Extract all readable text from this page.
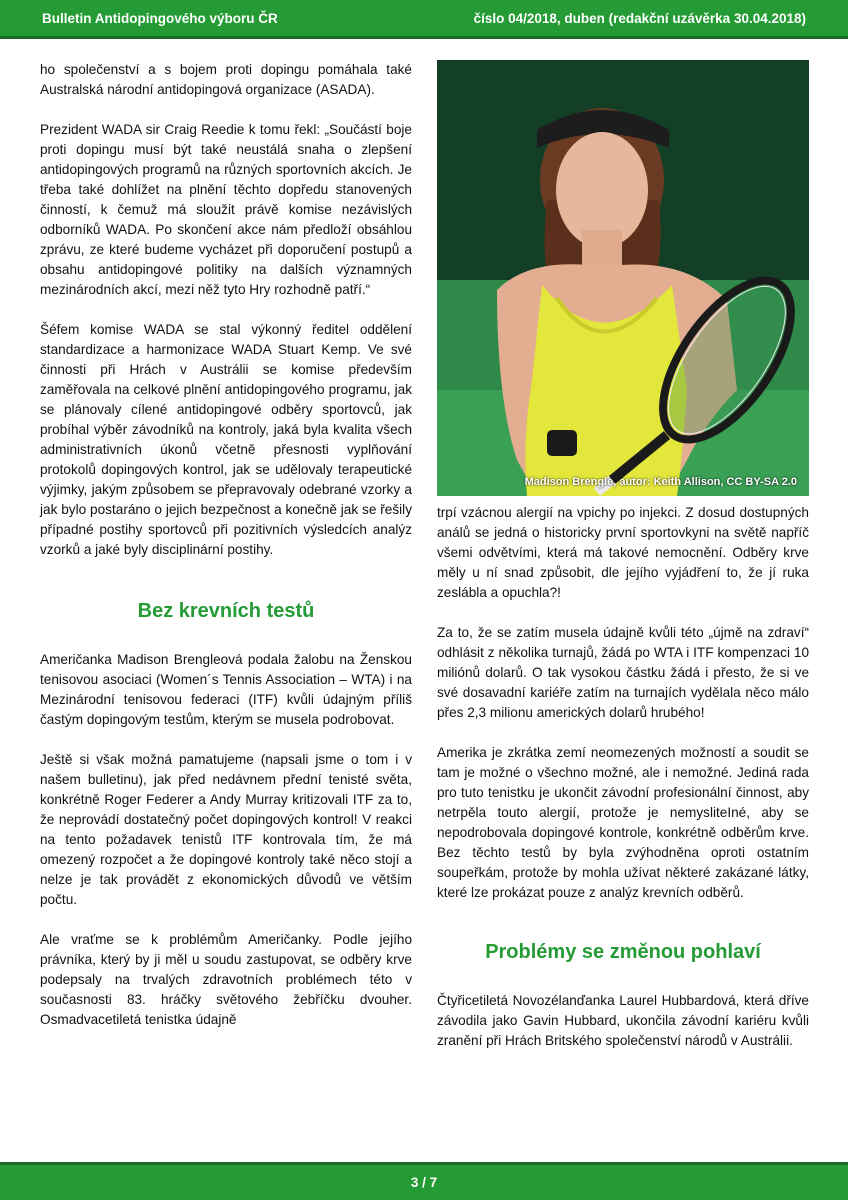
Bulletin Antidopingového výboru ČR	číslo 04/2018, duben (redakční uzávěrka 30.04.2018)

ho společenství a s bojem proti dopingu pomáhala také Australská národní antidopingová organizace (ASADA).

Prezident WADA sir Craig Reedie k tomu řekl: „Součástí boje proti dopingu musí být také neustálá snaha o zlepšení antidopingových programů na různých sportovních akcích. Je třeba také dohlížet na plnění těchto dopředu stanovených činností, k čemuž má sloužit právě komise nezávislých odborníků WADA. Po skončení akce nám předloží obsáhlou zprávu, ze které budeme vycházet při doporučení postupů a obsahu antidopingové politiky na dalších významných mezinárodních akcí, mezi něž tyto Hry rozhodně patří.“

Šéfem komise WADA se stal výkonný ředitel oddělení standardizace a harmonizace WADA Stuart Kemp. Ve své činnosti při Hrách v Austrálii se komise především zaměřovala na celkové plnění antidopingového programu, jak se plánovaly cílené antidopingové odběry sportovců, jak probíhal výběr závodníků na kontroly, jaká byla kvalita všech administrativních úkonů včetně přesnosti vyplňování protokolů dopingových kontrol, jak se udělovaly terapeutické výjimky, jakým způsobem se přepravovaly odebrané vzorky a jak bylo postaráno o jejich bezpečnost a konečně jak se řešily případné postihy sportovců při pozitivních výsledcích analýz vzorků a jaké byly disciplinární postihy.

Bez krevních testů

Američanka Madison Brengleová podala žalobu na Ženskou tenisovou asociaci (Women´s Tennis Association – WTA) i na Mezinárodní tenisovou federaci (ITF) kvůli údajným příliš častým dopingovým testům, kterým se musela podrobovat.

Ještě si však možná pamatujeme (napsali jsme o tom i v našem bulletinu), jak před nedávnem přední tenisté světa, konkrétně Roger Federer a Andy Murray kritizovali ITF za to, že neprovádí dostatečný počet dopingových kontrol! V reakci na tento požadavek tenistů ITF kontrovala tím, že má omezený rozpočet a že dopingové kontroly také něco stojí a nelze je tak provádět z ekonomických důvodů ve větším počtu.

Ale vraťme se k problémům Američanky. Podle jejího právníka, který by ji měl u soudu zastupovat, se odběry krve podepsaly na trvalých zdravotních problémech této v současnosti 83. hráčky světového žebříčku dvouher. Osmadvacetiletá tenistka údajně

Madison Brengle, autor: Keith Allison, CC BY-SA 2.0

trpí vzácnou alergií na vpichy po injekci. Z dosud dostupných análů se jedná o historicky první sportovkyni na světě napříč všemi odvětvími, která má takové nemocnění. Odběry krve měly u ní snad způsobit, dle jejího vyjádření to, že jí ruka zeslábla a opuchla?!

Za to, že se zatím musela údajně kvůli této „újmě na zdraví“ odhlásit z několika turnajů, žádá po WTA i ITF kompenzaci 10 miliónů dolarů. O tak vysokou částku žádá i přesto, že si ve své dosavadní kariéře zatím na turnajích vydělala něco málo přes 2,3 milionu amerických dolarů hrubého!

Amerika je zkrátka zemí neomezených možností a soudit se tam je možné o všechno možné, ale i nemožné. Jediná rada pro tuto tenistku je ukončit závodní profesionální činnost, aby netrpěla touto alergií, protože je nemysliteIné, aby se nepodrobovala dopingové kontrole, konkrétně odběrům krve. Bez těchto testů by byla zvýhodněna oproti ostatním soupeřkám, protože by mohla užívat některé zakázané látky, které lze prokázat pouze z analýz krevních odběrů.

Problémy se změnou pohlaví

Čtyřicetiletá Novozélanďanka Laurel Hubbardová, která dříve závodila jako Gavin Hubbard, ukončila závodní kariéru kvůli zranění při Hrách Britského společenství národů v Austrálii.

3 / 7
